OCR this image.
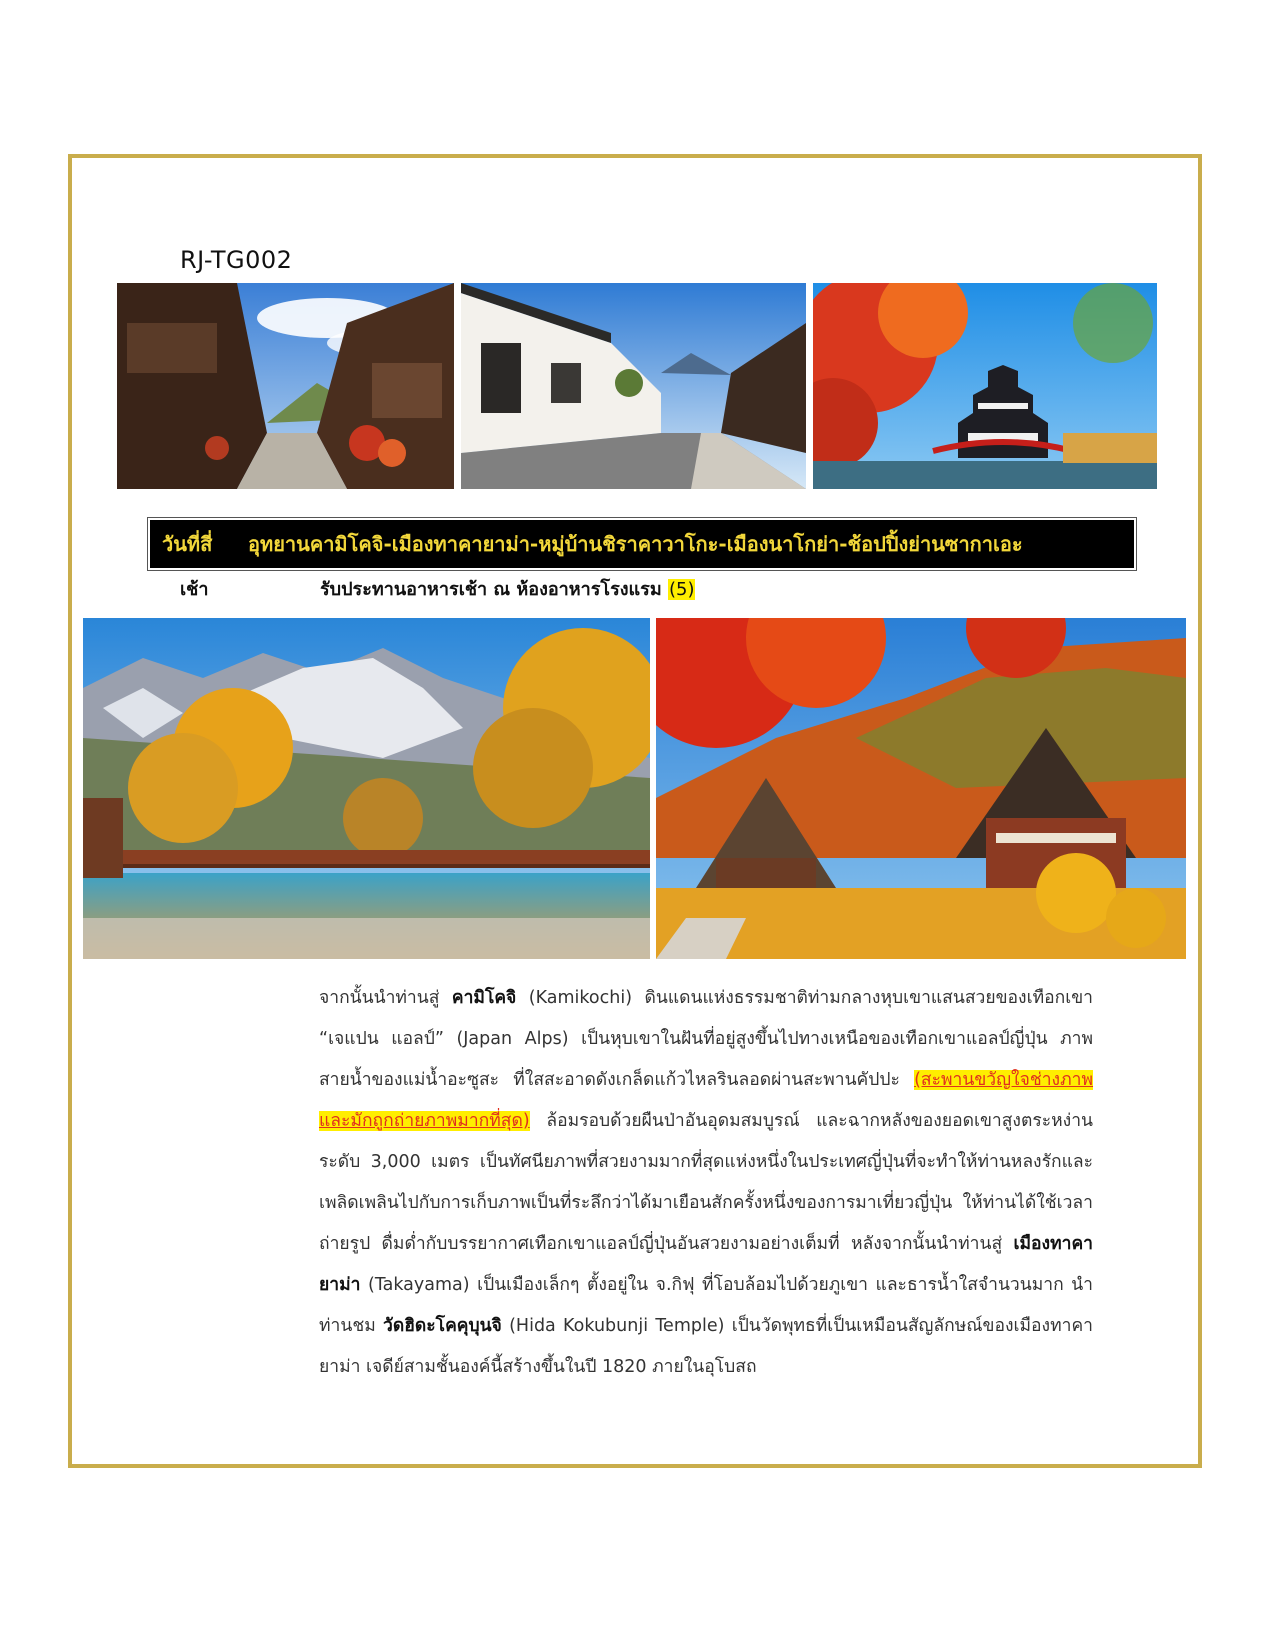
RJ-TG002
วันที่สี่	อุทยานคามิโคจิ-เมืองทาคายาม่า-หมู่บ้านชิราคาวาโกะ-เมืองนาโกย่า-ช้อปปิ้งย่านซากาเอะ
เช้า	รับประทานอาหารเช้า ณ ห้องอาหารโรงแรม (5)
จากนั้นนำท่านสู่ คามิโคจิ (Kamikochi) ดินแดนแห่งธรรมชาติท่ามกลางหุบเขาแสนสวยของเทือกเขา “เจแปน แอลป์” (Japan Alps) เป็นหุบเขาในฝันที่อยู่สูงขึ้นไปทางเหนือของเทือกเขาแอลป์ญี่ปุ่น ภาพสายน้ำของแม่น้ำอะซูสะ ที่ใสสะอาดดังเกล็ดแก้วไหลรินลอดผ่านสะพานคัปปะ (สะพานขวัญใจช่างภาพ และมักถูกถ่ายภาพมากที่สุด) ล้อมรอบด้วยผืนป่าอันอุดมสมบูรณ์ และฉากหลังของยอดเขาสูงตระหง่านระดับ 3,000 เมตร เป็นทัศนียภาพที่สวยงามมากที่สุดแห่งหนึ่งในประเทศญี่ปุ่นที่จะทำให้ท่านหลงรักและเพลิดเพลินไปกับการเก็บภาพเป็นที่ระลึกว่าได้มาเยือนสักครั้งหนึ่งของการมาเที่ยวญี่ปุ่น ให้ท่านได้ใช้เวลาถ่ายรูป ดื่มด่ำกับบรรยากาศเทือกเขาแอลป์ญี่ปุ่นอันสวยงามอย่างเต็มที่ หลังจากนั้นนำท่านสู่ เมืองทาคายาม่า (Takayama) เป็นเมืองเล็กๆ ตั้งอยู่ใน จ.กิฟุ ที่โอบล้อมไปด้วยภูเขา และธารน้ำใสจำนวนมาก นำท่านชม วัดฮิดะโคคุบุนจิ (Hida Kokubunji Temple) เป็นวัดพุทธที่เป็นเหมือนสัญลักษณ์ของเมืองทาคายาม่า เจดีย์สามชั้นองค์นี้สร้างขึ้นในปี 1820 ภายในอุโบสถ
